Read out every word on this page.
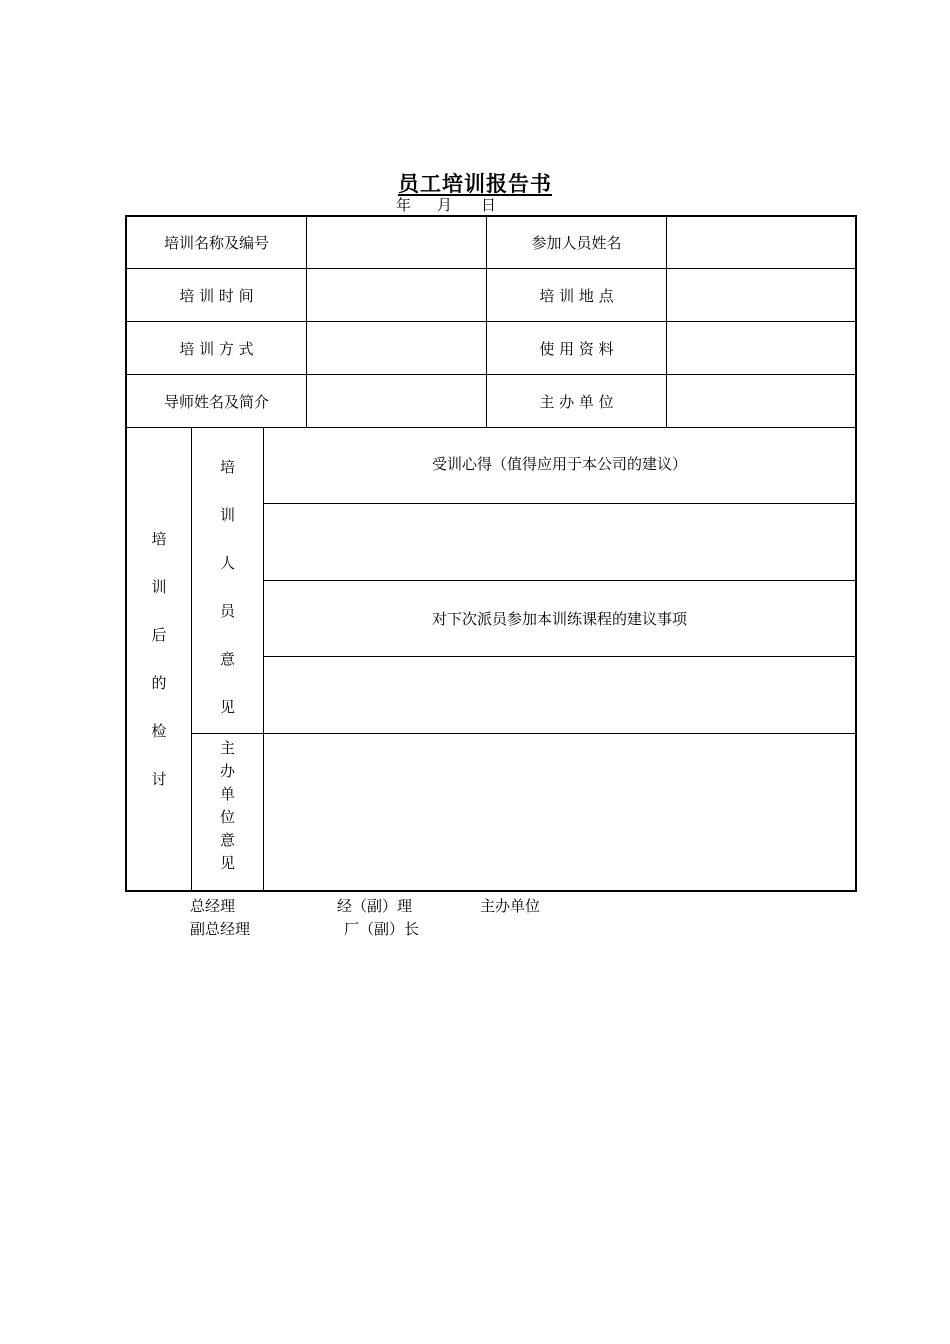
员工培训报告书
年 月 日
培训名称及编号	参加人员姓名
培 训 时 间	培 训 地 点
培 训 方 式	使 用 资 料
导师姓名及简介	主 办 单 位
培
训
后
的
检
讨
培
训
人
员
意
见
受训心得（值得应用于本公司的建议）
对下次派员参加本训练课程的建议事项
主
办
单
位
意
见
总经理	经（副）理	主办单位
副总经理	厂（副）长
